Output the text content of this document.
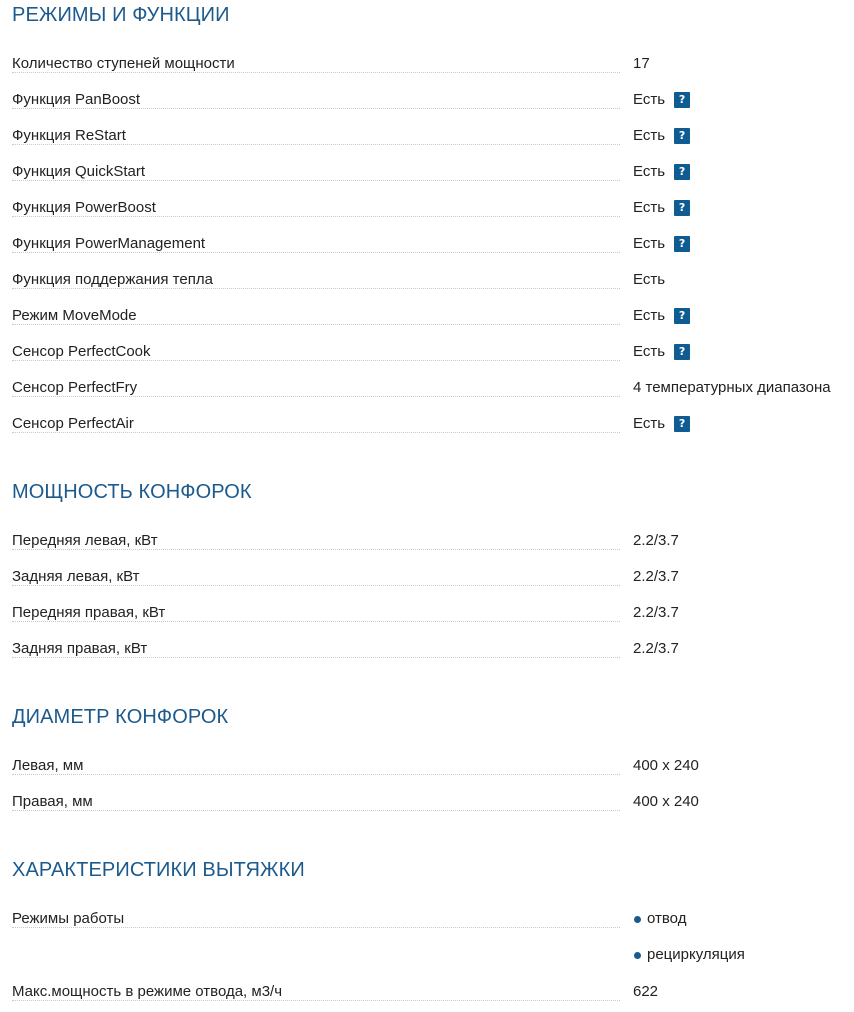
РЕЖИМЫ И ФУНКЦИИ
Количество ступеней мощности	17
Функция PanBoost	Есть	?
Функция ReStart	Есть	?
Функция QuickStart	Есть	?
Функция PowerBoost	Есть	?
Функция PowerManagement	Есть	?
Функция поддержания тепла	Есть
Режим MoveMode	Есть	?
Сенсор PerfectCook	Есть	?
Сенсор PerfectFry	4 температурных диапазона
Сенсор PerfectAir	Есть	?
МОЩНОСТЬ КОНФОРОК
Передняя левая, кВт	2.2/3.7
Задняя левая, кВт	2.2/3.7
Передняя правая, кВт	2.2/3.7
Задняя правая, кВт	2.2/3.7
ДИАМЕТР КОНФОРОК
Левая, мм	400 x 240
Правая, мм	400 x 240
ХАРАКТЕРИСТИКИ ВЫТЯЖКИ
Режимы работы	отвод
рециркуляция
Макс.мощность в режиме отвода, м3/ч	622
